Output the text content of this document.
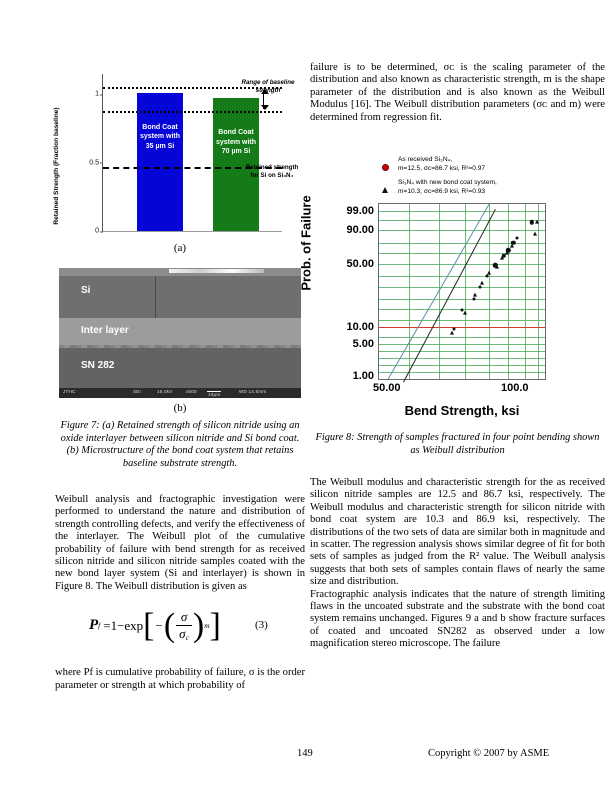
Retained Strength (Fraction baseline)
0
0.5
1
Bond Coat system with 35 µm Si
Bond Coat system with 70 µm Si
Range of baseline strength
Retained strength for Si on Si₃N₄
(a)
Si
Inter layer
SN 282
JTHC	SEI	15.0kV	x500
10µm
WD 14.5mm
(b)

Figure 7: (a) Retained strength of silicon nitride using an oxide interlayer between silicon nitride and Si bond coat. (b) Microstructure of the bond coat system that retains baseline substrate strength.

Weibull analysis and fractographic investigation were performed to understand the nature and distribution of strength controlling defects, and verify the effectiveness of the interlayer. The Weibull plot of the cumulative probability of failure with bend strength for as received silicon nitride and silicon nitride samples coated with the new bond layer system (Si and interlayer) is shown in Figure 8. The Weibull distribution is given as

P f =1−exp [ − ( $\frac{\sigma}{\sigma_c}$ ) m ]	(3)

where Pf is cumulative probability of failure, σ is the order parameter or strength at which probability of

failure is to be determined, σᴄ is the scaling parameter of the distribution and also known as characteristic strength, m is the shape parameter of the distribution and is also known as the Weibull Modulus [16]. The Weibull distribution parameters (σᴄ and m) were determined from regression fit.

As received Si₃N₄,
m=12.5, σᴄ=86.7 ksi, R²=0.97
Si₃N₄ with new bond coat system,
m=10.3, σᴄ=86.9 ksi, R²=0.93
Prob. of Failure	99.00
90.00
50.00
10.00
5.00
1.00
50.00	100.0
Bend Strength, ksi

Figure 8: Strength of samples fractured in four point bending shown as Weibull distribution

The Weibull modulus and characteristic strength for the as received silicon nitride samples are 12.5 and 86.7 ksi, respectively. The Weibull modulus and characteristic strength for silicon nitride with bond coat system are 10.3 and 86.9 ksi, respectively. The distributions of the two sets of data are similar both in magnitude and in scatter. The regression analysis shows similar degree of fit for both sets of samples as judged from the R² value. The Weibull analysis suggests that both sets of samples contain flaws of nearly the same size and distribution.

Fractographic analysis indicates that the nature of strength limiting flaws in the uncoated substrate and the substrate with the bond coat system remains unchanged. Figures 9 a and b show fracture surfaces of coated and uncoated SN282 as observed under a low magnification stereo microscope. The failure

149	Copyright © 2007 by ASME
